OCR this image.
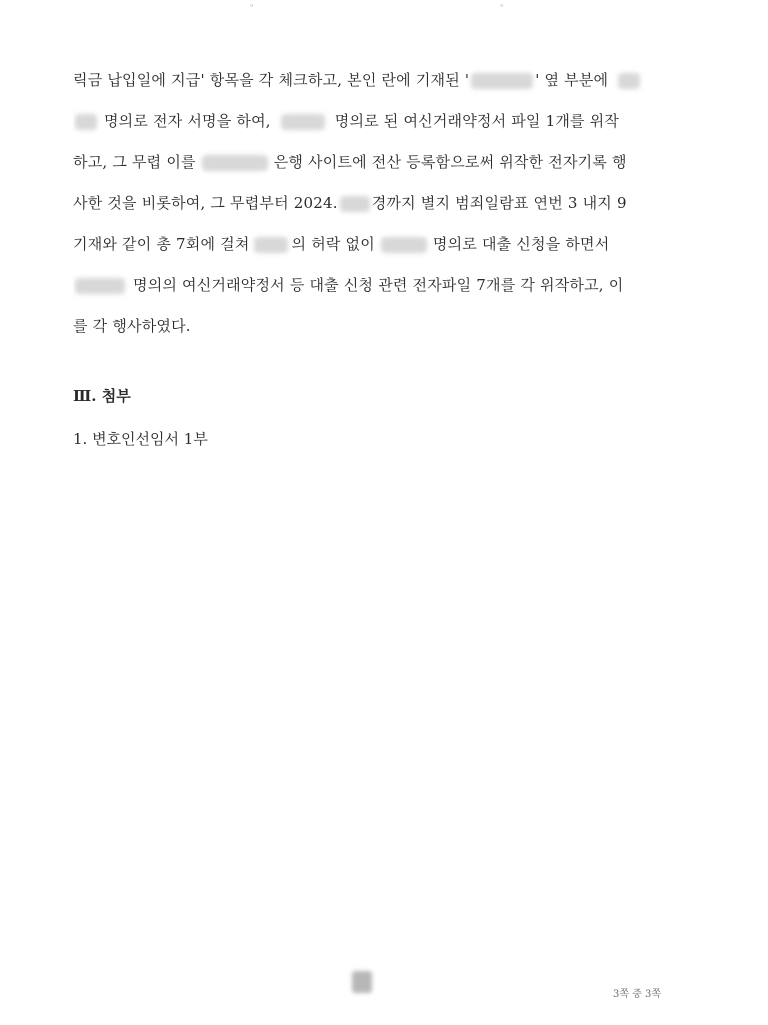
"	"
릭금 납입일에 지급' 항목을 각 체크하고, 본인 란에 기재된 '	' 옆 부분에
명의로 전자 서명을 하여,	명의로 된 여신거래약정서 파일 1개를 위작
하고, 그 무렵 이를	은행 사이트에 전산 등록함으로써 위작한 전자기록 행
사한 것을 비롯하여, 그 무렵부터 2024. 경까지 별지 범죄일람표 연번 3 내지 9
기재와 같이 총 7회에 걸쳐	의 허락 없이	명의로 대출 신청을 하면서
명의의 여신거래약정서 등 대출 신청 관련 전자파일 7개를 각 위작하고, 이
를 각 행사하였다.
Ⅲ. 첨부
1. 변호인선임서 1부
3쪽 중 3쪽
